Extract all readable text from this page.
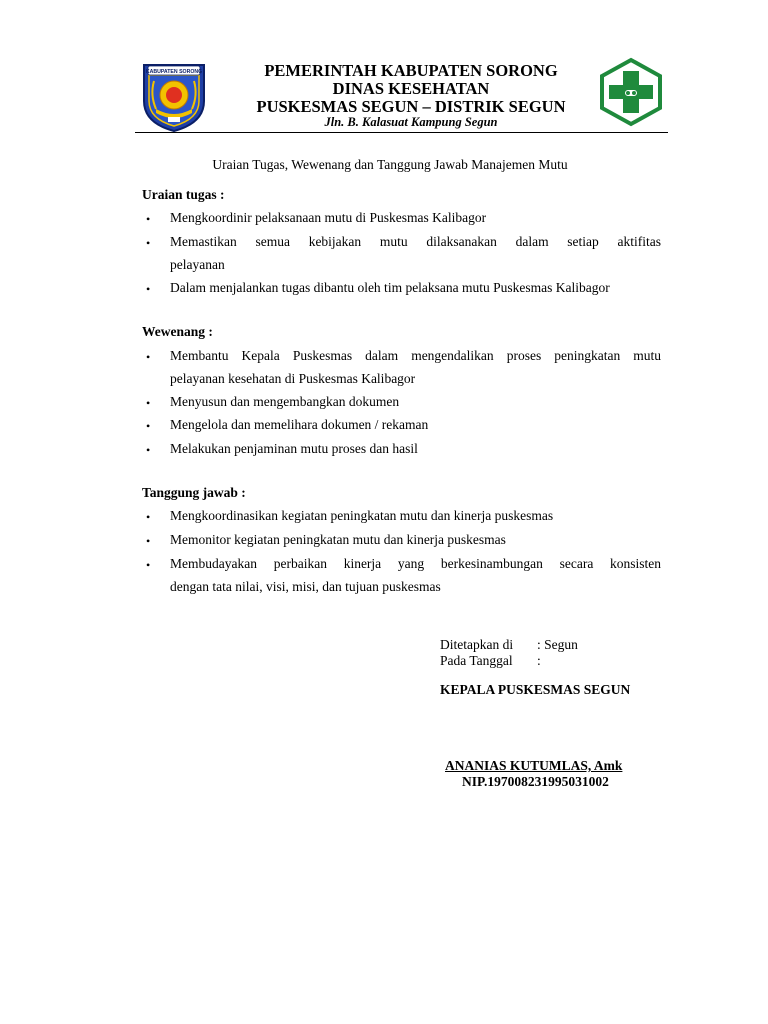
KABUPATEN SORONG	PEMERINTAH KABUPATEN SORONG
DINAS KESEHATAN
PUSKESMAS SEGUN – DISTRIK SEGUN
Jln. B. Kalasuat Kampung Segun
Uraian Tugas, Wewenang dan Tanggung Jawab Manajemen Mutu
Uraian tugas :
• Mengkoordinir pelaksanaan mutu di Puskesmas Kalibagor
• Memastikan semua kebijakan mutu dilaksanakan dalam setiap aktifitas
pelayanan
• Dalam menjalankan tugas dibantu oleh tim pelaksana mutu Puskesmas Kalibagor
Wewenang :
• Membantu Kepala Puskesmas dalam mengendalikan proses peningkatan mutu
pelayanan kesehatan di Puskesmas Kalibagor
• Menyusun dan mengembangkan dokumen
• Mengelola dan memelihara dokumen / rekaman
• Melakukan penjaminan mutu proses dan hasil
Tanggung jawab :
• Mengkoordinasikan kegiatan peningkatan mutu dan kinerja puskesmas
• Memonitor kegiatan peningkatan mutu dan kinerja puskesmas
• Membudayakan perbaikan kinerja yang berkesinambungan secara konsisten
dengan tata nilai, visi, misi, dan tujuan puskesmas
Ditetapkan di : Segun
Pada Tanggal :
KEPALA PUSKESMAS SEGUN
ANANIAS KUTUMLAS, Amk
NIP.197008231995031002
